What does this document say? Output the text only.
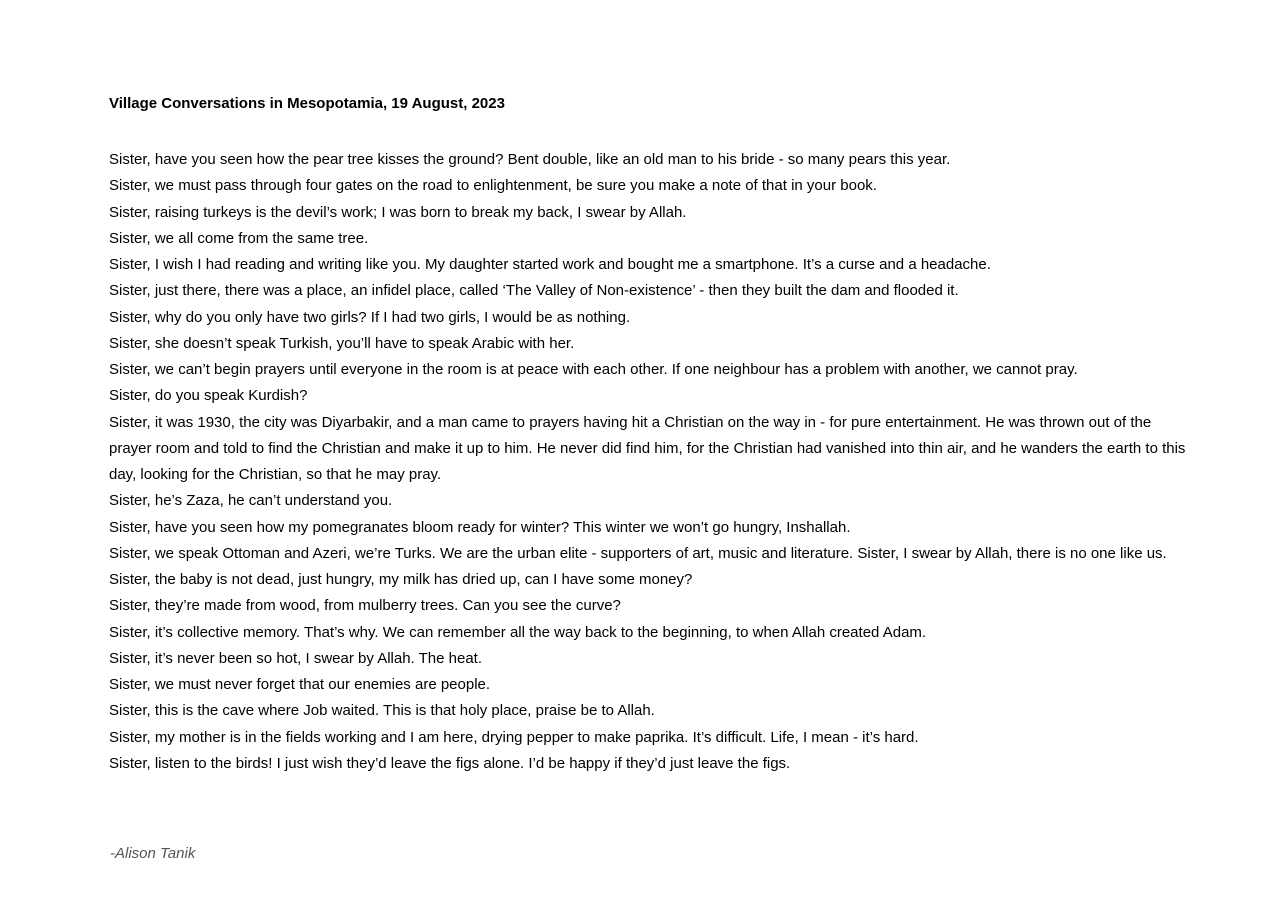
Village Conversations in Mesopotamia, 19 August, 2023

Sister, have you seen how the pear tree kisses the ground? Bent double, like an old man to his bride - so many pears this year.

Sister, we must pass through four gates on the road to enlightenment, be sure you make a note of that in your book.

Sister, raising turkeys is the devil’s work; I was born to break my back, I swear by Allah.

Sister, we all come from the same tree.

Sister, I wish I had reading and writing like you. My daughter started work and bought me a smartphone. It’s a curse and a headache.

Sister, just there, there was a place, an infidel place, called ‘The Valley of Non-existence’ - then they built the dam and flooded it.

Sister, why do you only have two girls? If I had two girls, I would be as nothing.

Sister, she doesn’t speak Turkish, you’ll have to speak Arabic with her.

Sister, we can’t begin prayers until everyone in the room is at peace with each other. If one neighbour has a problem with another, we cannot pray.

Sister, do you speak Kurdish?

Sister, it was 1930, the city was Diyarbakir, and a man came to prayers having hit a Christian on the way in - for pure entertainment. He was thrown out of the prayer room and told to find the Christian and make it up to him. He never did find him, for the Christian had vanished into thin air, and he wanders the earth to this day, looking for the Christian, so that he may pray.

Sister, he’s Zaza, he can’t understand you.

Sister, have you seen how my pomegranates bloom ready for winter? This winter we won’t go hungry, Inshallah.

Sister, we speak Ottoman and Azeri, we’re Turks. We are the urban elite - supporters of art, music and literature. Sister, I swear by Allah, there is no one like us.

Sister, the baby is not dead, just hungry, my milk has dried up, can I have some money?

Sister, they’re made from wood, from mulberry trees. Can you see the curve?

Sister, it’s collective memory. That’s why. We can remember all the way back to the beginning, to when Allah created Adam.

Sister, it’s never been so hot, I swear by Allah. The heat.

Sister, we must never forget that our enemies are people.

Sister, this is the cave where Job waited. This is that holy place, praise be to Allah.

Sister, my mother is in the fields working and I am here, drying pepper to make paprika. It’s difficult. Life, I mean - it’s hard.

Sister, listen to the birds! I just wish they’d leave the figs alone. I’d be happy if they’d just leave the figs.

-Alison Tanik
